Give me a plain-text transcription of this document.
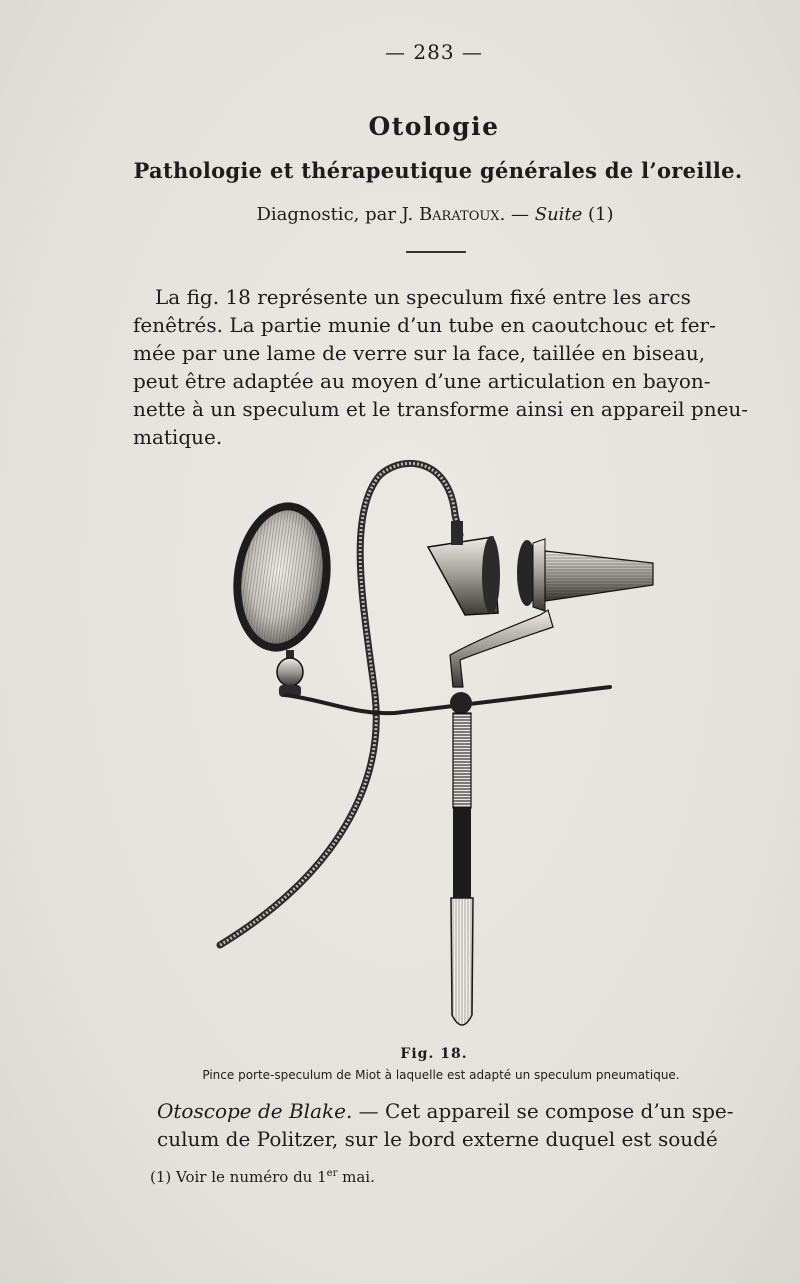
— 283 —
Otologie
Pathologie et thérapeutique générales de l’oreille.
Diagnostic, par J. Baratoux. — Suite (1)
La fig. 18 représente un speculum fixé entre les arcs
fenêtrés. La partie munie d’un tube en caoutchouc et fer-
mée par une lame de verre sur la face, taillée en biseau,
peut être adaptée au moyen d’une articulation en bayon-
nette à un speculum et le transforme ainsi en appareil pneu-
matique.
Fig. 18.
Pince porte-speculum de Miot à laquelle est adapté un speculum pneumatique.
Otoscope de Blake. — Cet appareil se compose d’un spe-
culum de Politzer, sur le bord externe duquel est soudé
(1) Voir le numéro du 1er mai.
